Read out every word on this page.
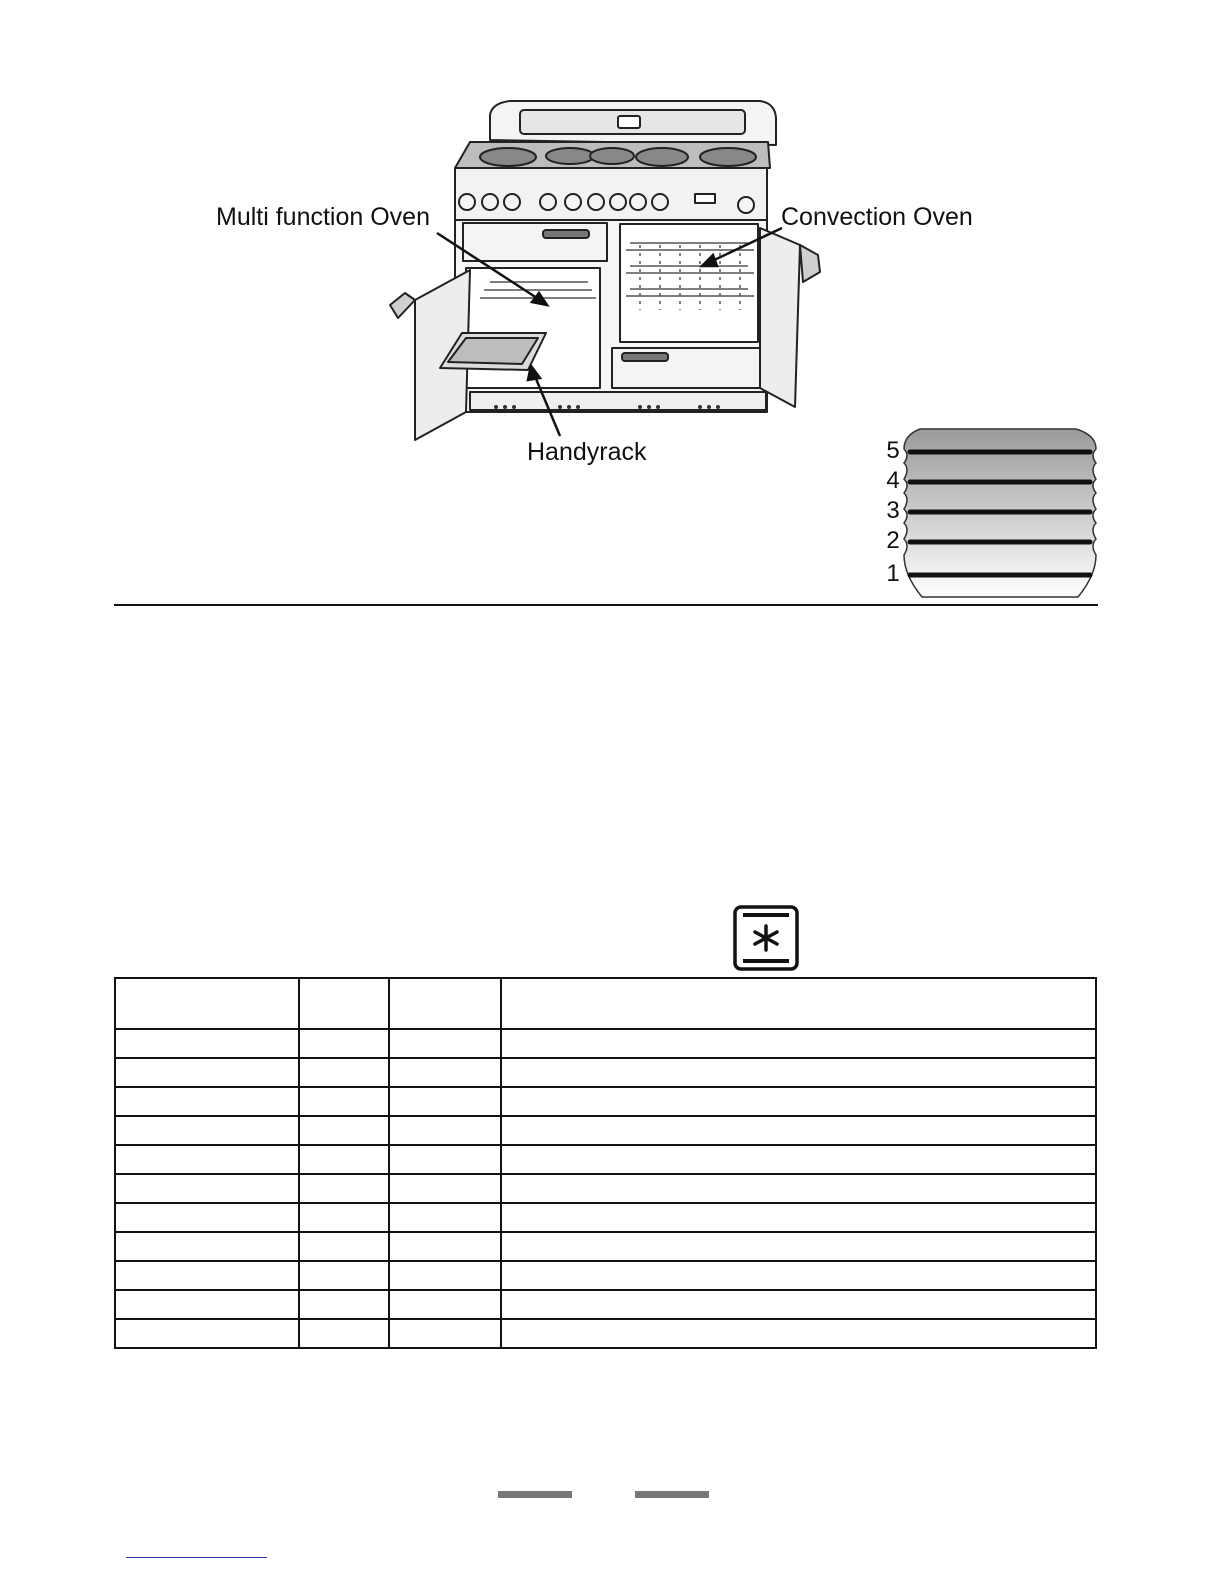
Multi function Oven	Convection Oven
Handyrack	5
4
3
2
1
